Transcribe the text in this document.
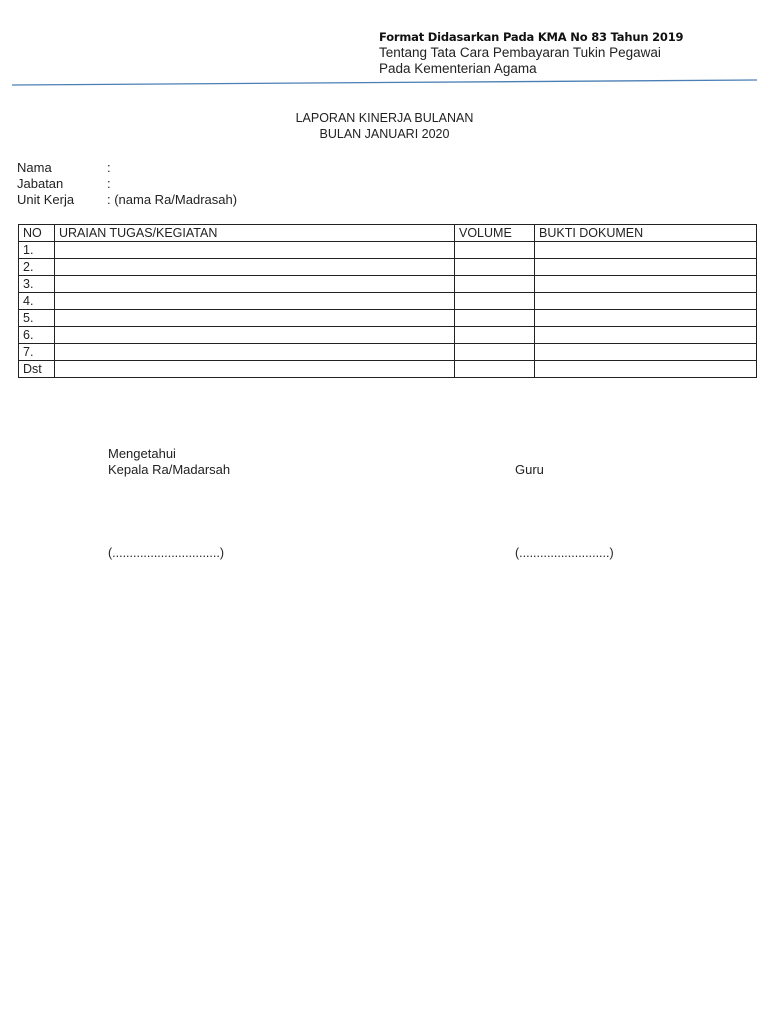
Format Didasarkan Pada KMA No 83 Tahun 2019
Tentang Tata Cara Pembayaran Tukin Pegawai
Pada Kementerian Agama
LAPORAN KINERJA BULANAN
BULAN JANUARI 2020
Nama	:
Jabatan	:
Unit Kerja	: (nama Ra/Madrasah)
NO	URAIAN TUGAS/KEGIATAN	VOLUME	BUKTI DOKUMEN
1.			
2.			
3.			
4.			
5.			
6.			
7.			
Dst			
Mengetahui
Kepala Ra/Madarsah	Guru
(...............................)	(..........................)
